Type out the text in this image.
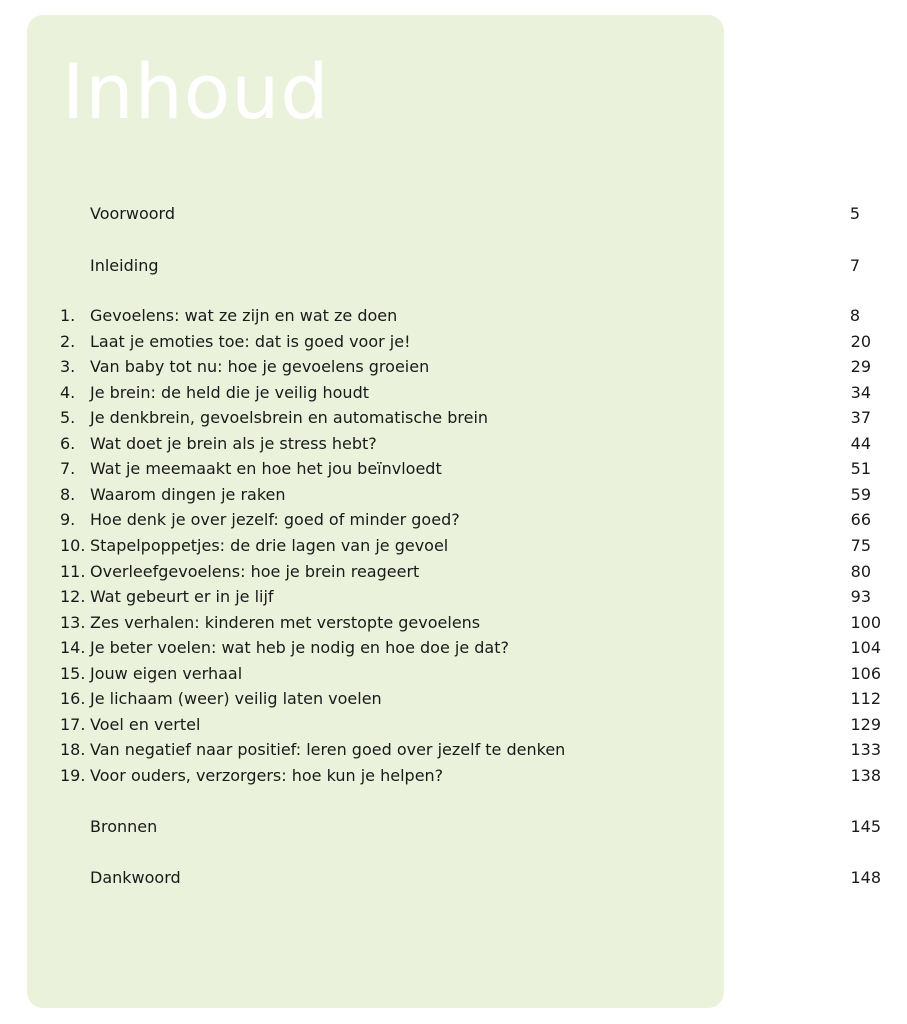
Inhoud
Voorwoord	5
Inleiding	7
1. Gevoelens: wat ze zijn en wat ze doen	8
2. Laat je emoties toe: dat is goed voor je!	20
3. Van baby tot nu: hoe je gevoelens groeien	29
4. Je brein: de held die je veilig houdt	34
5. Je denkbrein, gevoelsbrein en automatische brein	37
6. Wat doet je brein als je stress hebt?	44
7. Wat je meemaakt en hoe het jou beïnvloedt	51
8. Waarom dingen je raken	59
9. Hoe denk je over jezelf: goed of minder goed?	66
10. Stapelpoppetjes: de drie lagen van je gevoel	75
11. Overleefgevoelens: hoe je brein reageert	80
12. Wat gebeurt er in je lijf	93
13. Zes verhalen: kinderen met verstopte gevoelens	100
14. Je beter voelen: wat heb je nodig en hoe doe je dat?	104
15. Jouw eigen verhaal	106
16. Je lichaam (weer) veilig laten voelen	112
17. Voel en vertel	129
18. Van negatief naar positief: leren goed over jezelf te denken	133
19. Voor ouders, verzorgers: hoe kun je helpen?	138
Bronnen	145
Dankwoord	148
